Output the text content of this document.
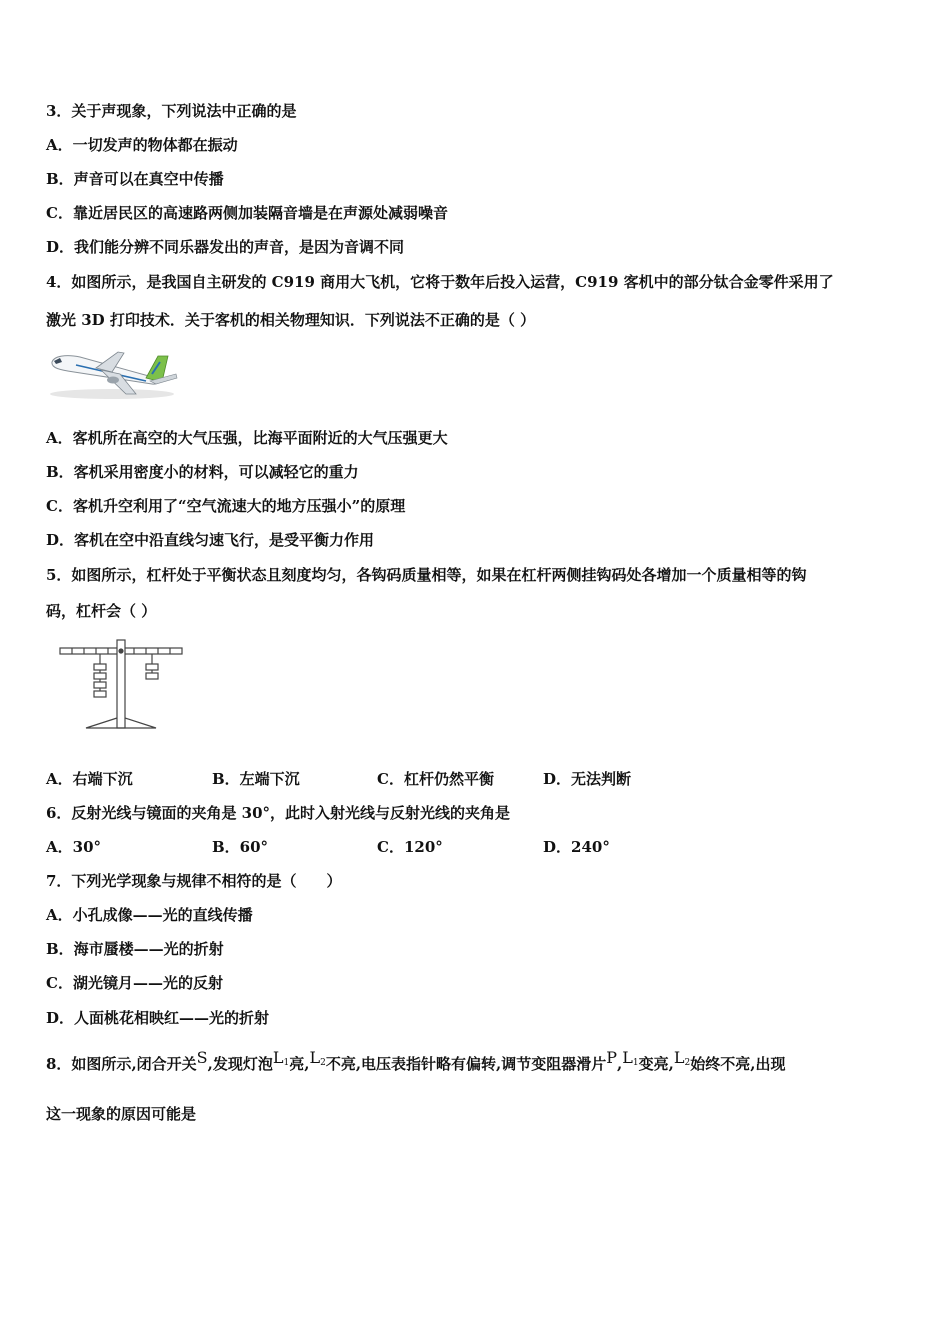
3．关于声现象，下列说法中正确的是
A．一切发声的物体都在振动
B．声音可以在真空中传播
C．靠近居民区的高速路两侧加装隔音墙是在声源处减弱噪音
D．我们能分辨不同乐器发出的声音，是因为音调不同
4．如图所示，是我国自主研发的 C919 商用大飞机，它将于数年后投入运营，C919 客机中的部分钛合金零件采用了
激光 3D 打印技术．关于客机的相关物理知识．下列说法不正确的是（ ）
A．客机所在高空的大气压强，比海平面附近的大气压强更大
B．客机采用密度小的材料，可以减轻它的重力
C．客机升空利用了“空气流速大的地方压强小”的原理
D．客机在空中沿直线匀速飞行，是受平衡力作用
5．如图所示，杠杆处于平衡状态且刻度均匀，各钩码质量相等，如果在杠杆两侧挂钩码处各增加一个质量相等的钩
码，杠杆会（ ）
A．右端下沉	B．左端下沉	C．杠杆仍然平衡	D．无法判断
6．反射光线与镜面的夹角是 30°，此时入射光线与反射光线的夹角是
A．30°	B．60°	C．120°	D．240°
7．下列光学现象与规律不相符的是（　　）
A．小孔成像——光的直线传播
B．海市蜃楼——光的折射
C．湖光镜月——光的反射
D．人面桃花相映红——光的折射
8．如图所示,闭合开关S,发现灯泡$L_1$亮$,L_2$不亮,电压表指针略有偏转,调节变阻器滑片$P,L_1$变亮$,L_2$始终不亮,出现
这一现象的原因可能是
